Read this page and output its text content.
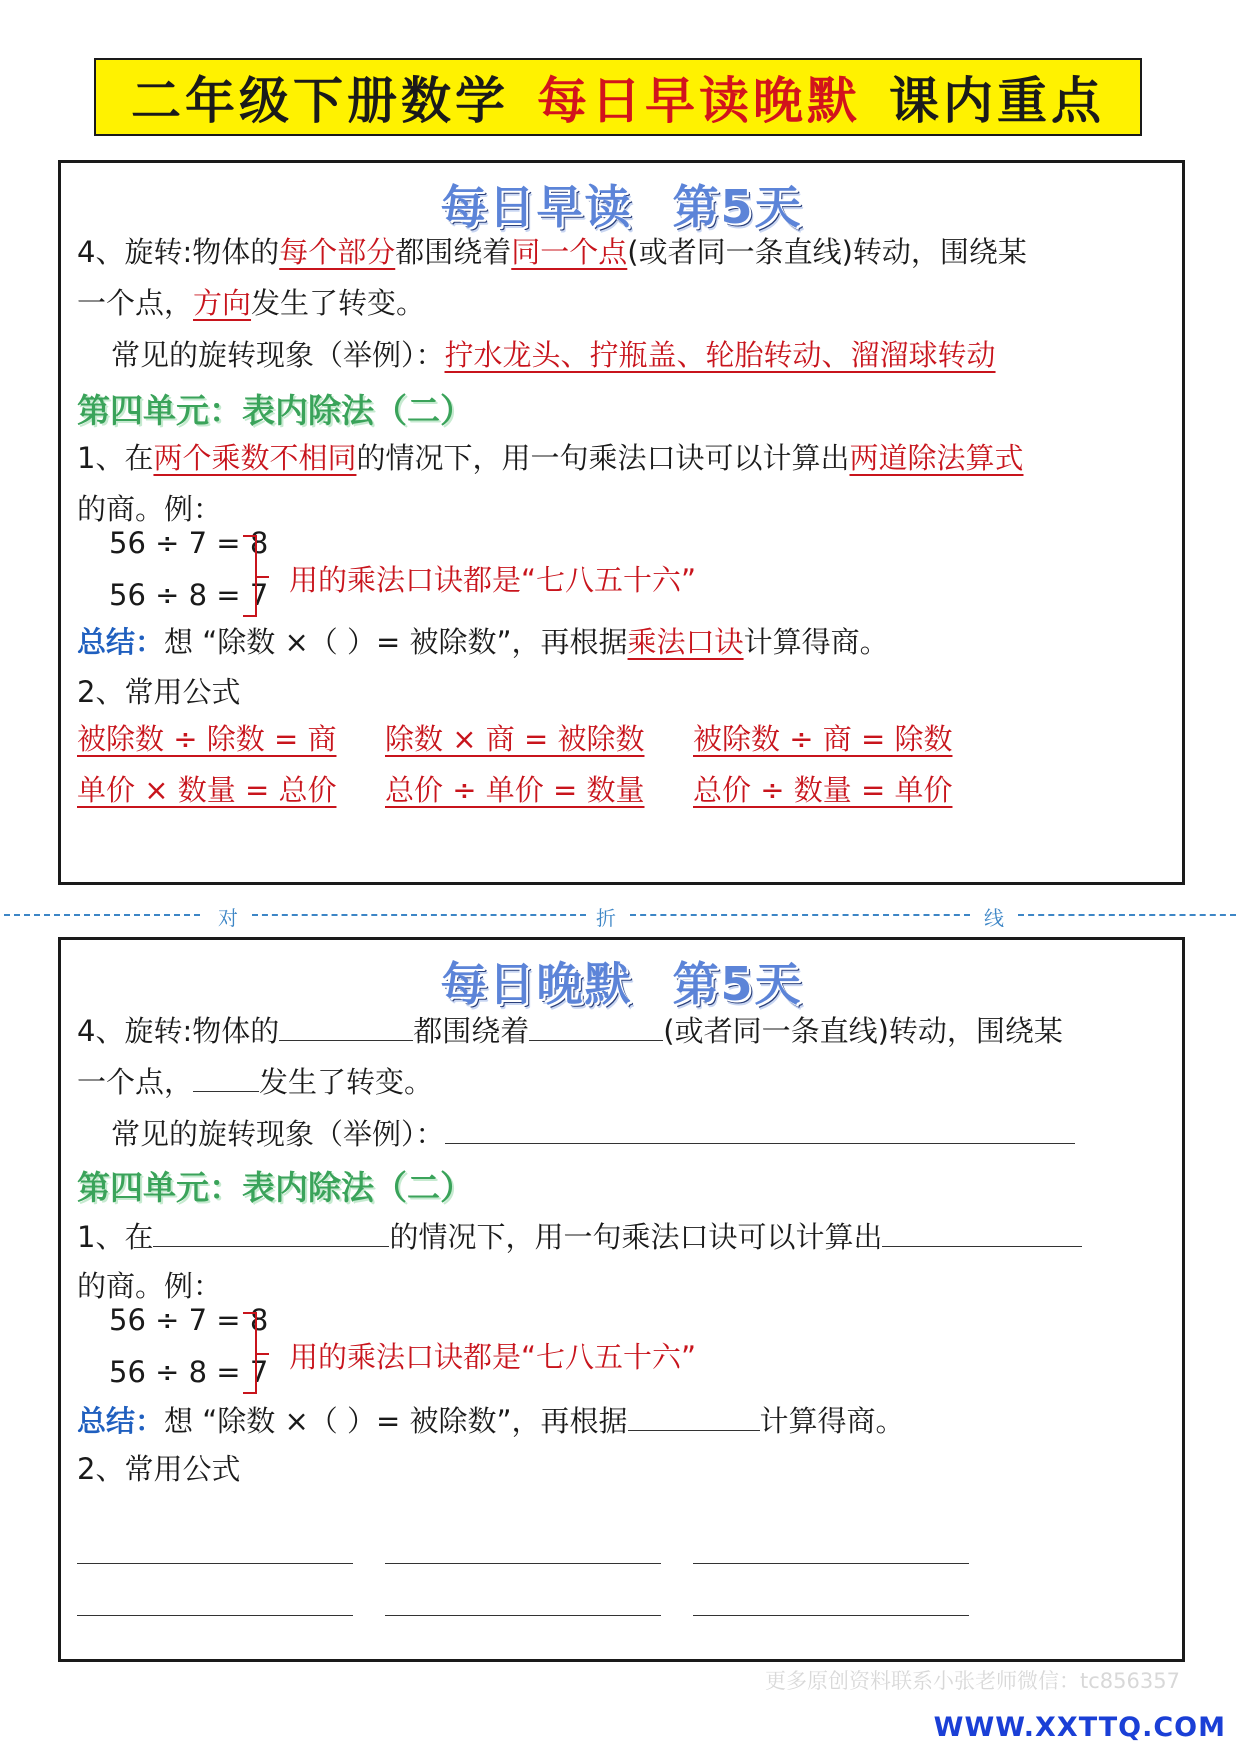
二年级下册数学 每日早读晚默 课内重点
每日早读 第5天
4、旋转:物体的每个部分都围绕着同一个点(或者同一条直线)转动，围绕某
一个点，方向发生了转变。
常见的旋转现象（举例）：拧水龙头、拧瓶盖、轮胎转动、溜溜球转动
第四单元：表内除法（二）
1、在两个乘数不相同的情况下，用一句乘法口诀可以计算出两道除法算式
的商。例：
56 ÷ 7 = 8
56 ÷ 8 = 7 用的乘法口诀都是“七八五十六”
总结：想 “除数 ×（ ）= 被除数”，再根据乘法口诀计算得商。
2、常用公式
被除数 ÷ 除数 = 商 除数 × 商 = 被除数 被除数 ÷ 商 = 除数
单价 × 数量 = 总价 总价 ÷ 单价 = 数量 总价 ÷ 数量 = 单价
对	折	线
每日晚默 第5天
4、旋转:物体的	都围绕着	(或者同一条直线)转动，围绕某
一个点， 发生了转变。
常见的旋转现象（举例）：
第四单元：表内除法（二）
1、在	的情况下，用一句乘法口诀可以计算出
的商。例：
56 ÷ 7 = 8
56 ÷ 8 = 7 用的乘法口诀都是“七八五十六”
总结：想 “除数 ×（ ）= 被除数”，再根据	计算得商。
2、常用公式
更多原创资料联系小张老师微信：tc856357
WWW.XXTTQ.COM
